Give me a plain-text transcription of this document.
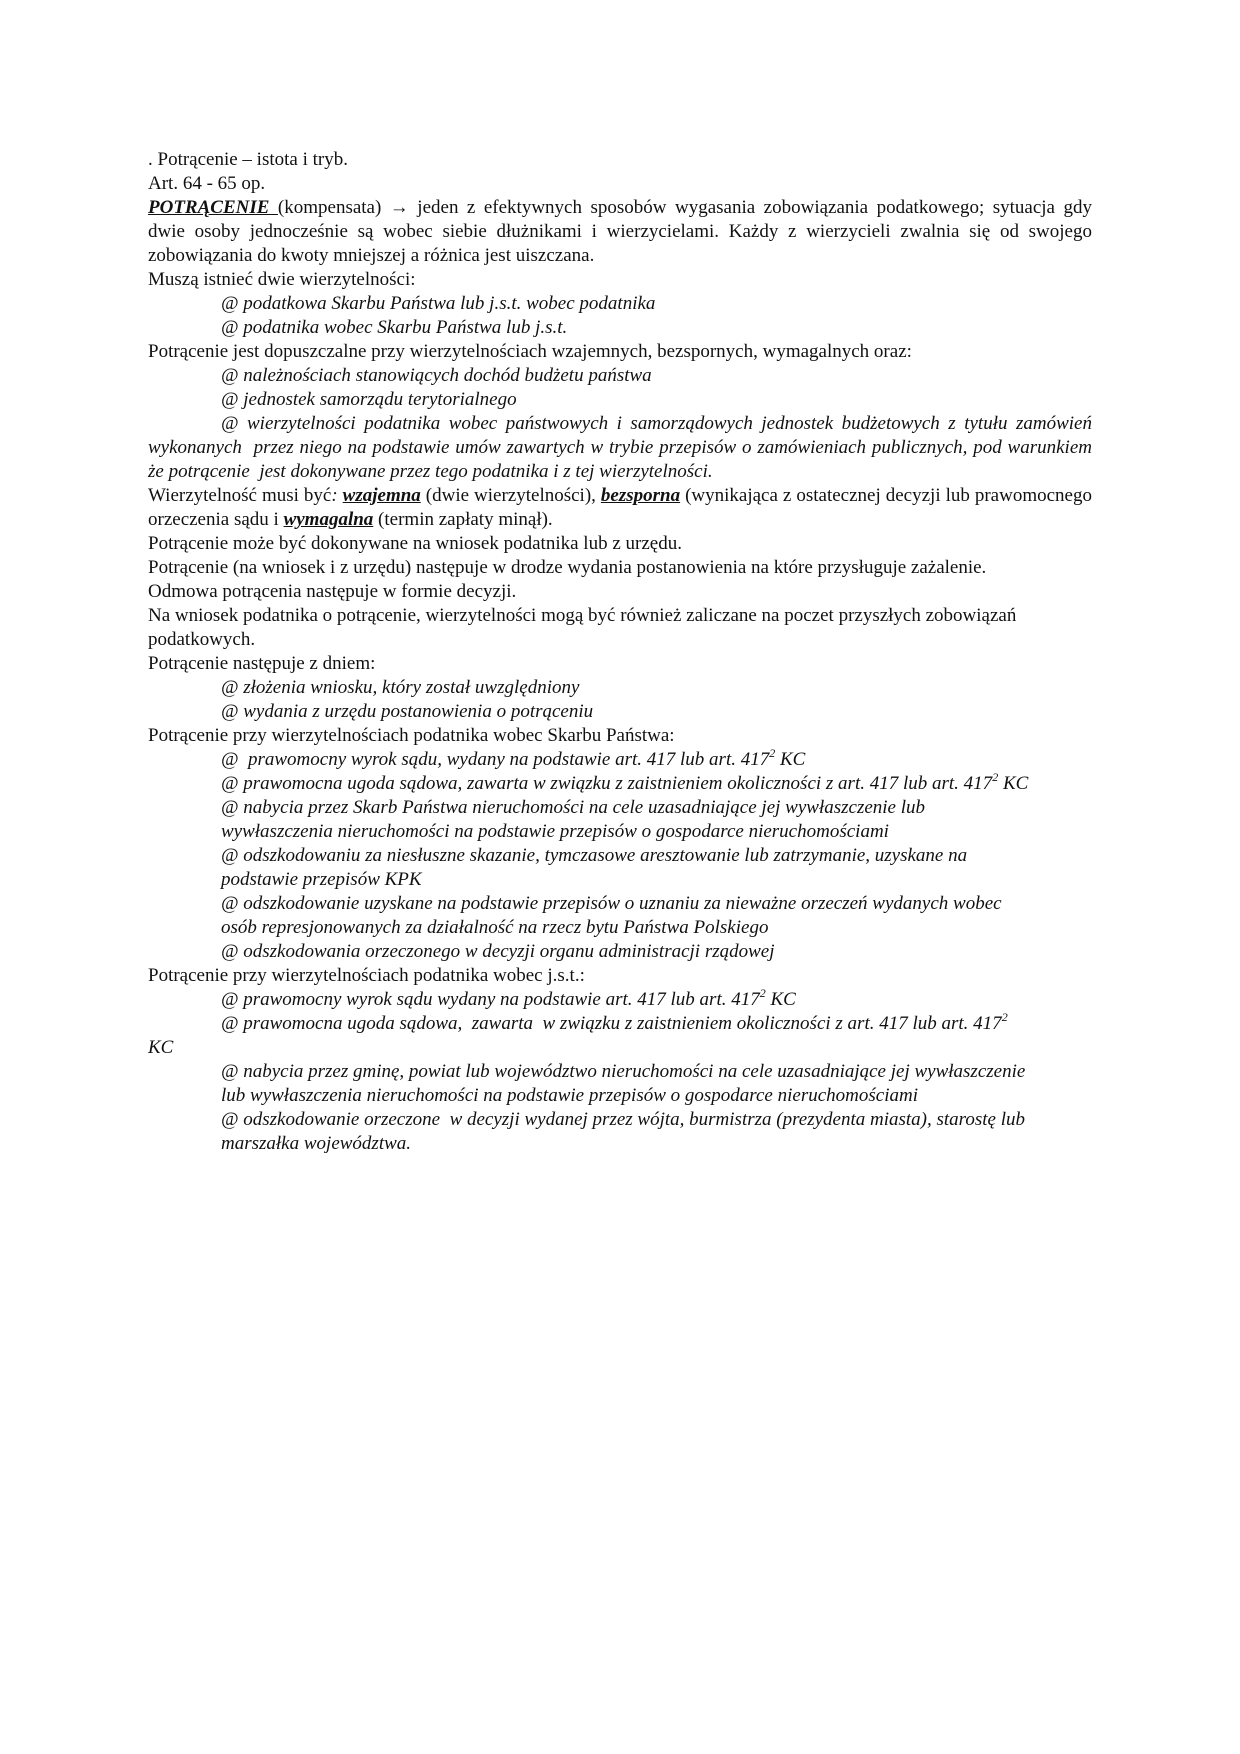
. Potrącenie – istota i tryb.

Art. 64 - 65 op.

POTRĄCENIE (kompensata) → jeden z efektywnych sposobów wygasania zobowiązania podatkowego; sytuacja gdy dwie osoby jednocześnie są wobec siebie dłużnikami i wierzycielami. Każdy z wierzycieli zwalnia się od swojego zobowiązania do kwoty mniejszej a różnica jest uiszczana.

Muszą istnieć dwie wierzytelności:

@ podatkowa Skarbu Państwa lub j.s.t. wobec podatnika

@ podatnika wobec Skarbu Państwa lub j.s.t.

Potrącenie jest dopuszczalne przy wierzytelnościach wzajemnych, bezspornych, wymagalnych oraz:

@ należnościach stanowiących dochód budżetu państwa

@ jednostek samorządu terytorialnego

@ wierzytelności podatnika wobec państwowych i samorządowych jednostek budżetowych z tytułu zamówień wykonanych  przez niego na podstawie umów zawartych w trybie przepisów o zamówieniach publicznych, pod warunkiem że potrącenie  jest dokonywane przez tego podatnika i z tej wierzytelności.

Wierzytelność musi być: wzajemna (dwie wierzytelności), bezsporna (wynikająca z ostatecznej decyzji lub prawomocnego orzeczenia sądu i wymagalna (termin zapłaty minął).

Potrącenie może być dokonywane na wniosek podatnika lub z urzędu.

Potrącenie (na wniosek i z urzędu) następuje w drodze wydania postanowienia na które przysługuje zażalenie.

Odmowa potrącenia następuje w formie decyzji.

Na wniosek podatnika o potrącenie, wierzytelności mogą być również zaliczane na poczet przyszłych zobowiązań podatkowych.

Potrącenie następuje z dniem:

@ złożenia wniosku, który został uwzględniony

@ wydania z urzędu postanowienia o potrąceniu

Potrącenie przy wierzytelnościach podatnika wobec Skarbu Państwa:

@  prawomocny wyrok sądu, wydany na podstawie art. 417 lub art. $417^2$ KC

@ prawomocna ugoda sądowa, zawarta w związku z zaistnieniem okoliczności z art. 417 lub art. $417^2$ KC

@ nabycia przez Skarb Państwa nieruchomości na cele uzasadniające jej wywłaszczenie lub wywłaszczenia nieruchomości na podstawie przepisów o gospodarce nieruchomościami

@ odszkodowaniu za niesłuszne skazanie, tymczasowe aresztowanie lub zatrzymanie, uzyskane na podstawie przepisów KPK

@ odszkodowanie uzyskane na podstawie przepisów o uznaniu za nieważne orzeczeń wydanych wobec osób represjonowanych za działalność na rzecz bytu Państwa Polskiego

@ odszkodowania orzeczonego w decyzji organu administracji rządowej

Potrącenie przy wierzytelnościach podatnika wobec j.s.t.:

@ prawomocny wyrok sądu wydany na podstawie art. 417 lub art. $417^2$ KC

@ prawomocna ugoda sądowa,  zawarta  w związku z zaistnieniem okoliczności z art. 417 lub art. $417^2$
KC

@ nabycia przez gminę, powiat lub województwo nieruchomości na cele uzasadniające jej wywłaszczenie lub wywłaszczenia nieruchomości na podstawie przepisów o gospodarce nieruchomościami

@ odszkodowanie orzeczone  w decyzji wydanej przez wójta, burmistrza (prezydenta miasta), starostę lub marszałka województwa.
